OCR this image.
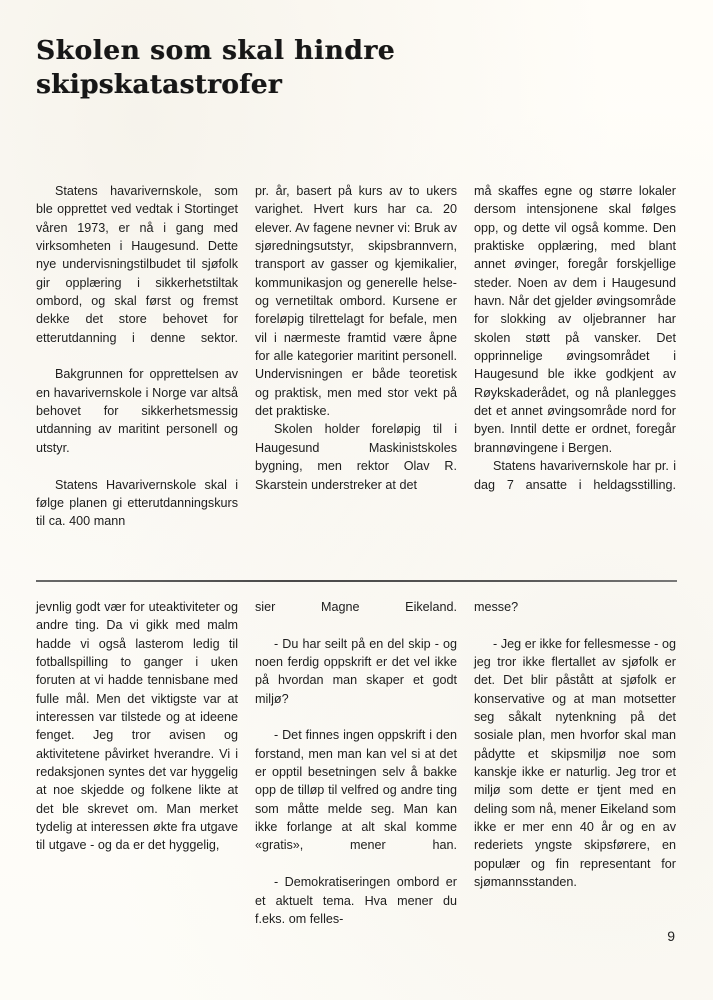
Skolen som skal hindre
skipskatastrofer

Statens havarivernskole, som ble opprettet ved vedtak i Stortinget våren 1973, er nå i gang med virksomheten i Haugesund. Dette nye undervisningstilbudet til sjøfolk gir opplæring i sikkerhetstiltak ombord, og skal først og fremst dekke det store behovet for etterutdanning i denne sektor.

Bakgrunnen for opprettelsen av en havarivernskole i Norge var altså behovet for sikkerhetsmessig utdanning av maritint personell og utstyr.

Statens Havarivernskole skal i følge planen gi etterutdanningskurs til ca. 400 mann

pr. år, basert på kurs av to ukers varighet. Hvert kurs har ca. 20 elever. Av fagene nevner vi: Bruk av sjøredningsutstyr, skipsbrannvern, transport av gasser og kjemikalier, kommunikasjon og generelle helse- og vernetiltak ombord. Kursene er foreløpig tilrettelagt for befale, men vil i nærmeste framtid være åpne for alle kategorier maritint personell. Undervisningen er både teoretisk og praktisk, men med stor vekt på det praktiske.

Skolen holder foreløpig til i Haugesund Maskinistskoles bygning, men rektor Olav R. Skarstein understreker at det

må skaffes egne og større lokaler dersom intensjonene skal følges opp, og dette vil også komme. Den praktiske opplæring, med blant annet øvinger, foregår forskjellige steder. Noen av dem i Haugesund havn. Når det gjelder øvingsområde for slokking av oljebranner har skolen støtt på vansker. Det opprinnelige øvingsområdet i Haugesund ble ikke godkjent av Røykskaderådet, og nå planlegges det et annet øvingsområde nord for byen. Inntil dette er ordnet, foregår brannøvingene i Bergen.

Statens havarivernskole har pr. i dag 7 ansatte i heldagsstilling.

jevnlig godt vær for uteaktiviteter og andre ting. Da vi gikk med malm hadde vi også lasterom ledig til fotballspilling to ganger i uken foruten at vi hadde tennisbane med fulle mål. Men det viktigste var at interessen var tilstede og at ideene fenget. Jeg tror avisen og aktivitetene påvirket hverandre. Vi i redaksjonen syntes det var hyggelig at noe skjedde og folkene likte at det ble skrevet om. Man merket tydelig at interessen økte fra utgave til utgave - og da er det hyggelig,

sier Magne Eikeland.

- Du har seilt på en del skip - og noen ferdig oppskrift er det vel ikke på hvordan man skaper et godt miljø?

- Det finnes ingen oppskrift i den forstand, men man kan vel si at det er opptil besetningen selv å bakke opp de tilløp til velfred og andre ting som måtte melde seg. Man kan ikke forlange at alt skal komme «gratis», mener han.

- Demokratiseringen ombord er et aktuelt tema. Hva mener du f.eks. om felles-

messe?

- Jeg er ikke for fellesmesse - og jeg tror ikke flertallet av sjøfolk er det. Det blir påstått at sjøfolk er konservative og at man motsetter seg såkalt nytenkning på det sosiale plan, men hvorfor skal man pådytte et skipsmiljø noe som kanskje ikke er naturlig. Jeg tror et miljø som dette er tjent med en deling som nå, mener Eikeland som ikke er mer enn 40 år og en av rederiets yngste skipsførere, en populær og fin representant for sjømannsstanden.

9
